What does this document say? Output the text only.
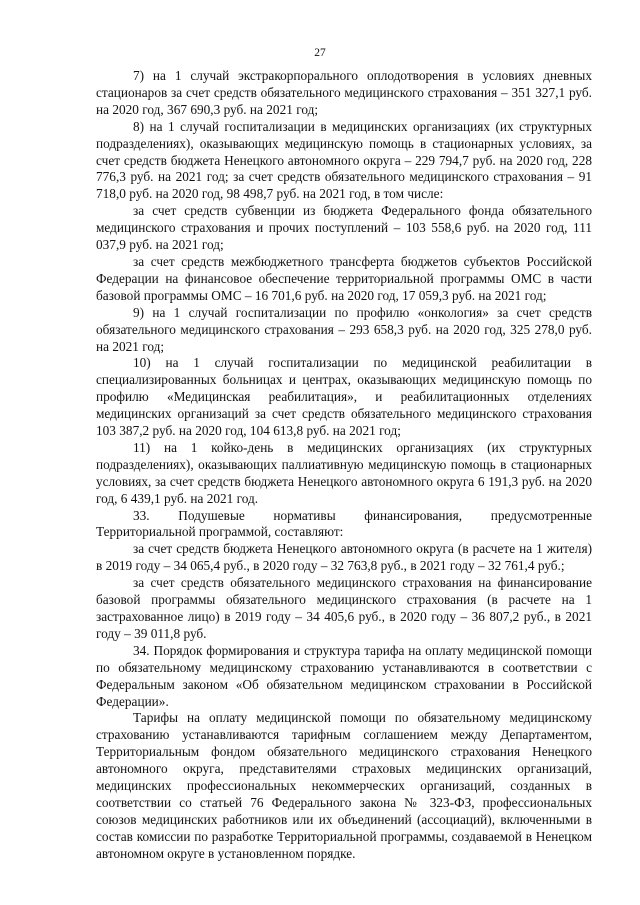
27

7) на 1 случай экстракорпорального оплодотворения в условиях дневных стационаров за счет средств обязательного медицинского страхования – 351 327,1 руб. на 2020 год, 367 690,3 руб. на 2021 год;

8) на 1 случай госпитализации в медицинских организациях (их структурных подразделениях), оказывающих медицинскую помощь в стационарных условиях, за счет средств бюджета Ненецкого автономного округа – 229 794,7 руб. на 2020 год, 228 776,3 руб. на 2021 год; за счет средств обязательного медицинского страхования – 91 718,0 руб. на 2020 год, 98 498,7 руб. на 2021 год, в том числе:

за счет средств субвенции из бюджета Федерального фонда обязательного медицинского страхования и прочих поступлений – 103 558,6 руб. на 2020 год, 111 037,9 руб. на 2021 год;

за счет средств межбюджетного трансферта бюджетов субъектов Российской Федерации на финансовое обеспечение территориальной программы ОМС в части базовой программы ОМС – 16 701,6 руб. на 2020 год, 17 059,3 руб. на 2021 год;

9) на 1 случай госпитализации по профилю «онкология» за счет средств обязательного медицинского страхования – 293 658,3 руб. на 2020 год, 325 278,0 руб. на 2021 год;

10) на 1 случай госпитализации по медицинской реабилитации в специализированных больницах и центрах, оказывающих медицинскую помощь по профилю «Медицинская реабилитация», и реабилитационных отделениях медицинских организаций за счет средств обязательного медицинского страхования 103 387,2 руб. на 2020 год, 104 613,8 руб. на 2021 год;

11) на 1 койко-день в медицинских организациях (их структурных подразделениях), оказывающих паллиативную медицинскую помощь в стационарных условиях, за счет средств бюджета Ненецкого автономного округа 6 191,3 руб. на 2020 год, 6 439,1 руб. на 2021 год.

33. Подушевые нормативы финансирования, предусмотренные Территориальной программой, составляют:

за счет средств бюджета Ненецкого автономного округа (в расчете на 1 жителя) в 2019 году – 34 065,4 руб., в 2020 году – 32 763,8 руб., в 2021 году – 32 761,4 руб.;

за счет средств обязательного медицинского страхования на финансирование базовой программы обязательного медицинского страхования (в расчете на 1 застрахованное лицо) в 2019 году – 34 405,6 руб., в 2020 году – 36 807,2 руб., в 2021 году – 39 011,8 руб.

34. Порядок формирования и структура тарифа на оплату медицинской помощи по обязательному медицинскому страхованию устанавливаются в соответствии с Федеральным законом «Об обязательном медицинском страховании в Российской Федерации».

Тарифы на оплату медицинской помощи по обязательному медицинскому страхованию устанавливаются тарифным соглашением между Департаментом, Территориальным фондом обязательного медицинского страхования Ненецкого автономного округа, представителями страховых медицинских организаций, медицинских профессиональных некоммерческих организаций, созданных в соответствии со статьей 76 Федерального закона № 323-ФЗ, профессиональных союзов медицинских работников или их объединений (ассоциаций), включенными в состав комиссии по разработке Территориальной программы, создаваемой в Ненецком автономном округе в установленном порядке.
